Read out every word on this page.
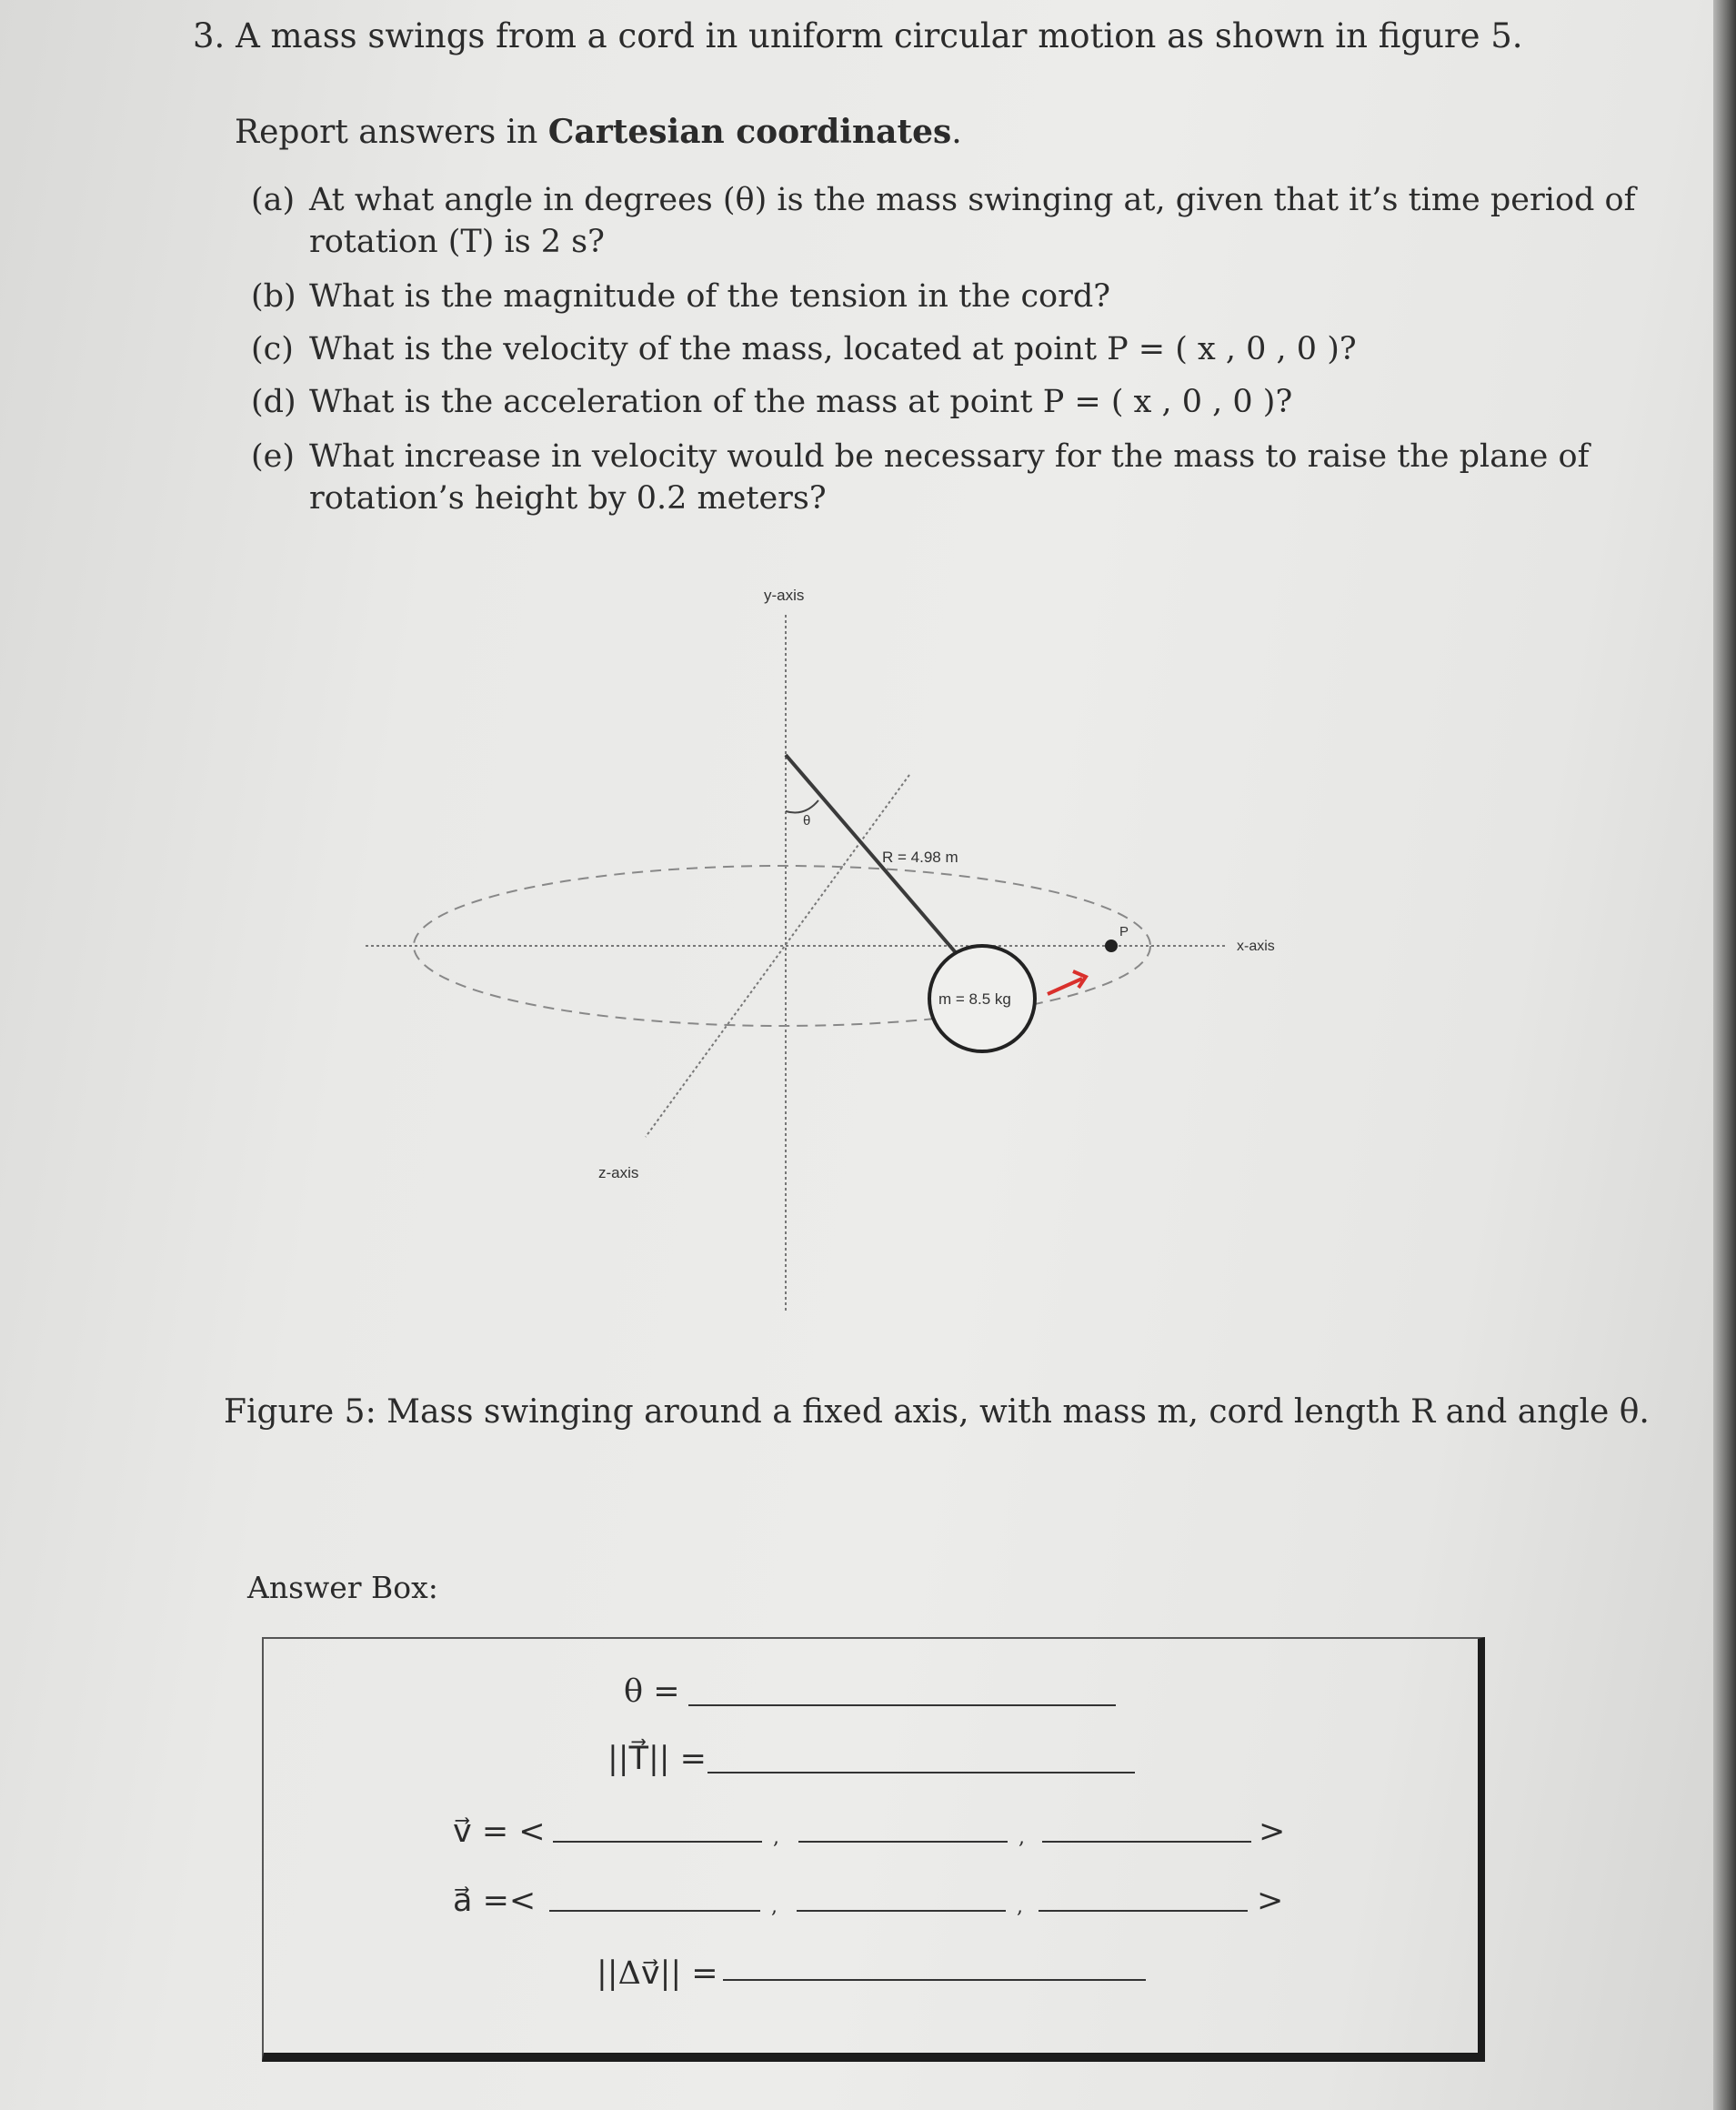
3. A mass swings from a cord in uniform circular motion as shown in figure 5.
Report answers in Cartesian coordinates.
(a) At what angle in degrees (θ) is the mass swinging at, given that it’s time period of
rotation (T) is 2 s?
(b) What is the magnitude of the tension in the cord?
(c) What is the velocity of the mass, located at point P = ( x , 0 , 0 )?
(d) What is the acceleration of the mass at point P = ( x , 0 , 0 )?
(e) What increase in velocity would be necessary for the mass to raise the plane of
rotation’s height by 0.2 meters?
y-axis
x-axis
z-axis
θ
R = 4.98 m
m = 8.5 kg
P
Figure 5: Mass swinging around a fixed axis, with mass m, cord length R and angle θ.
Answer Box:
θ =
||T⃗|| =
v⃗ = <	,	,	>
a⃗ =<	,	,	>
||Δv⃗|| =
